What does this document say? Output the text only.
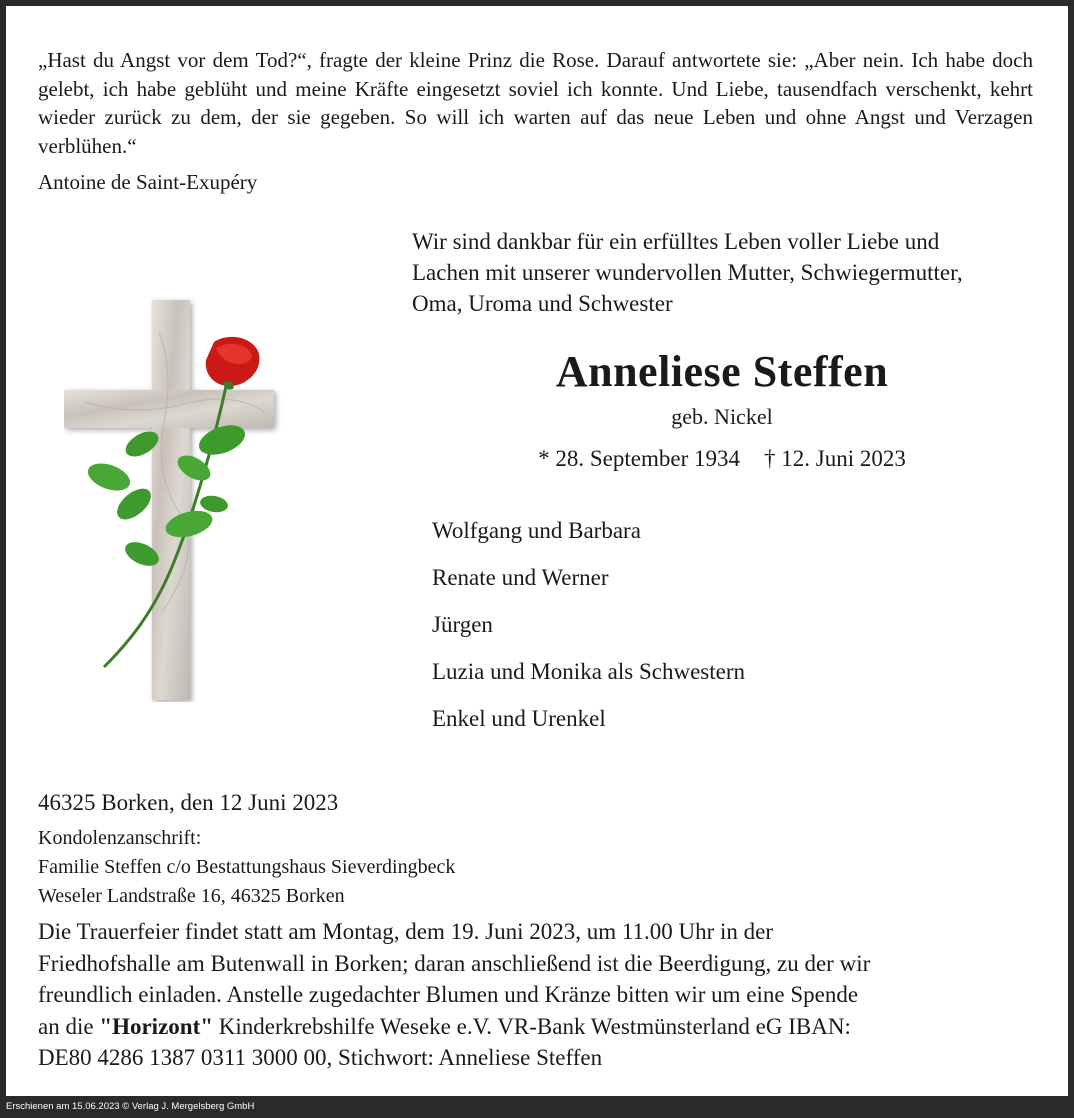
„Hast du Angst vor dem Tod?“, fragte der kleine Prinz die Rose. Darauf antwortete sie: „Aber nein. Ich habe doch gelebt, ich habe geblüht und meine Kräfte eingesetzt soviel ich konnte. Und Liebe, tausendfach verschenkt, kehrt wieder zurück zu dem, der sie gegeben. So will ich warten auf das neue Leben und ohne Angst und Verzagen verblühen.“

Antoine de Saint-Exupéry
Wir sind dankbar für ein erfülltes Leben voller Liebe und
Lachen mit unserer wundervollen Mutter, Schwiegermutter,
Oma, Uroma und Schwester
Anneliese Steffen
geb. Nickel
* 28. September 1934 † 12. Juni 2023
Wolfgang und Barbara
Renate und Werner
Jürgen
Luzia und Monika als Schwestern
Enkel und Urenkel
46325 Borken, den 12 Juni 2023
Kondolenzanschrift:
Familie Steffen c/o Bestattungshaus Sieverdingbeck
Weseler Landstraße 16, 46325 Borken
Die Trauerfeier findet statt am Montag, dem 19. Juni 2023, um 11.00 Uhr in der
Friedhofshalle am Butenwall in Borken; daran anschließend ist die Beerdigung, zu der wir
freundlich einladen. Anstelle zugedachter Blumen und Kränze bitten wir um eine Spende
an die "Horizont" Kinderkrebshilfe Weseke e.V. VR-Bank Westmünsterland eG IBAN:
DE80 4286 1387 0311 3000 00, Stichwort: Anneliese Steffen
Erschienen am 15.06.2023 © Verlag J. Mergelsberg GmbH
